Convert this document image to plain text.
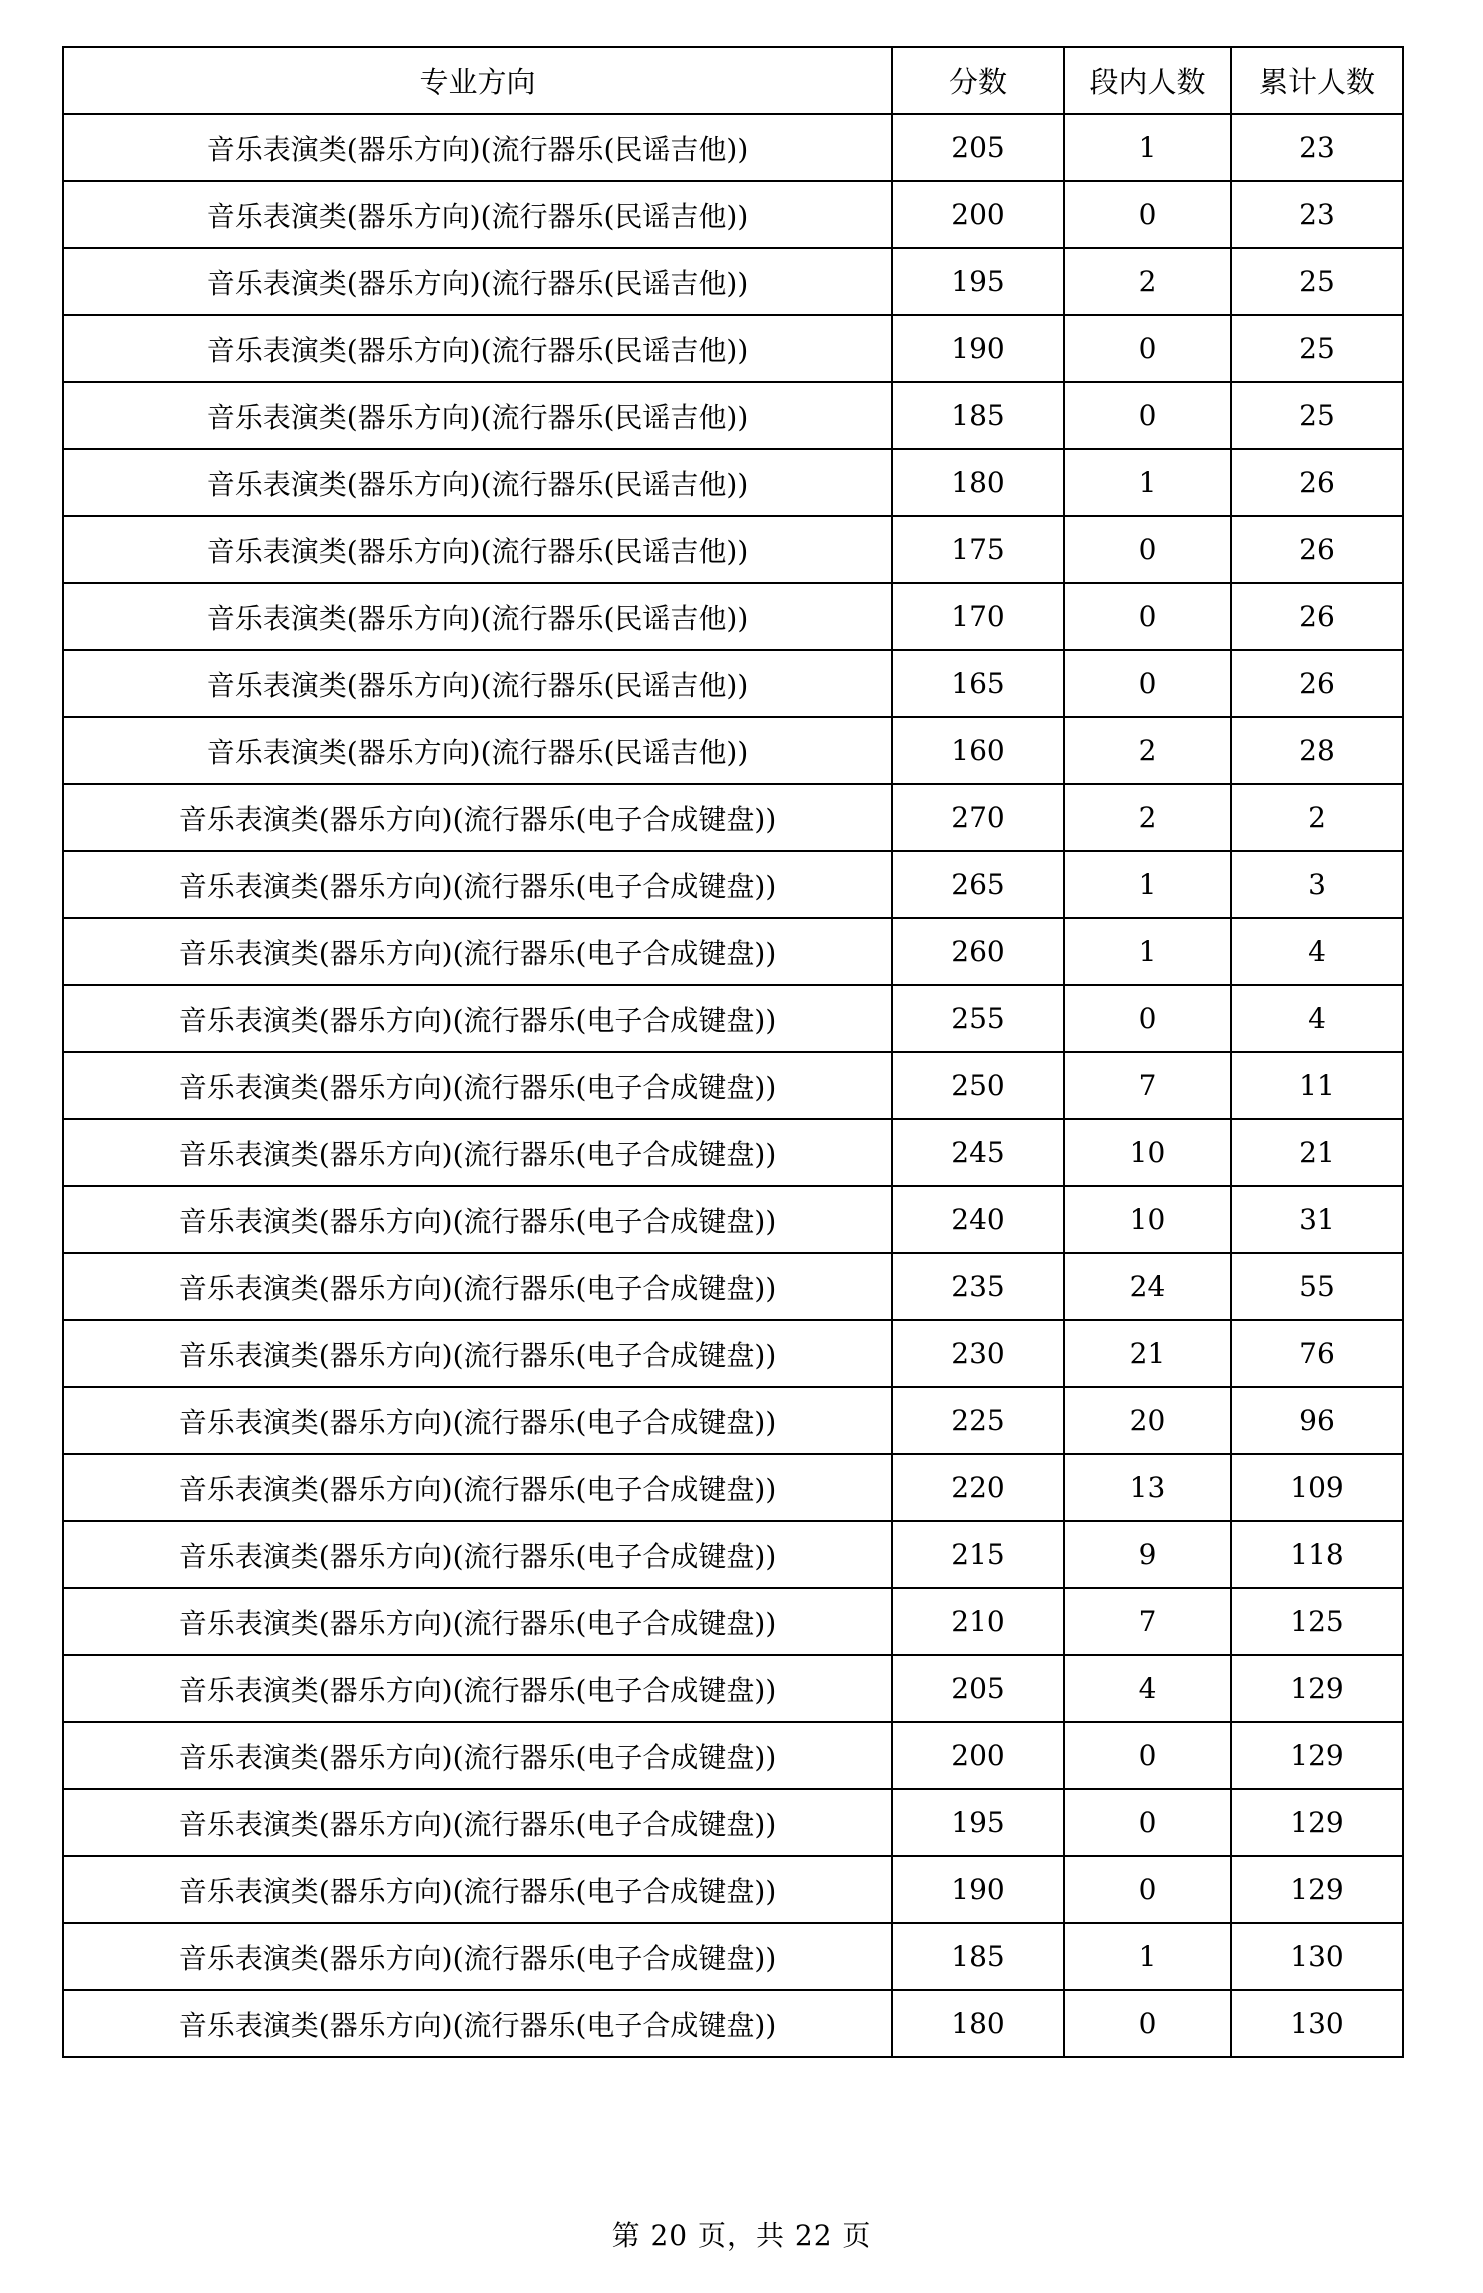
专业方向	分数	段内人数	累计人数
音乐表演类(器乐方向)(流行器乐(民谣吉他))	205	1	23
音乐表演类(器乐方向)(流行器乐(民谣吉他))	200	0	23
音乐表演类(器乐方向)(流行器乐(民谣吉他))	195	2	25
音乐表演类(器乐方向)(流行器乐(民谣吉他))	190	0	25
音乐表演类(器乐方向)(流行器乐(民谣吉他))	185	0	25
音乐表演类(器乐方向)(流行器乐(民谣吉他))	180	1	26
音乐表演类(器乐方向)(流行器乐(民谣吉他))	175	0	26
音乐表演类(器乐方向)(流行器乐(民谣吉他))	170	0	26
音乐表演类(器乐方向)(流行器乐(民谣吉他))	165	0	26
音乐表演类(器乐方向)(流行器乐(民谣吉他))	160	2	28
音乐表演类(器乐方向)(流行器乐(电子合成键盘))	270	2	2
音乐表演类(器乐方向)(流行器乐(电子合成键盘))	265	1	3
音乐表演类(器乐方向)(流行器乐(电子合成键盘))	260	1	4
音乐表演类(器乐方向)(流行器乐(电子合成键盘))	255	0	4
音乐表演类(器乐方向)(流行器乐(电子合成键盘))	250	7	11
音乐表演类(器乐方向)(流行器乐(电子合成键盘))	245	10	21
音乐表演类(器乐方向)(流行器乐(电子合成键盘))	240	10	31
音乐表演类(器乐方向)(流行器乐(电子合成键盘))	235	24	55
音乐表演类(器乐方向)(流行器乐(电子合成键盘))	230	21	76
音乐表演类(器乐方向)(流行器乐(电子合成键盘))	225	20	96
音乐表演类(器乐方向)(流行器乐(电子合成键盘))	220	13	109
音乐表演类(器乐方向)(流行器乐(电子合成键盘))	215	9	118
音乐表演类(器乐方向)(流行器乐(电子合成键盘))	210	7	125
音乐表演类(器乐方向)(流行器乐(电子合成键盘))	205	4	129
音乐表演类(器乐方向)(流行器乐(电子合成键盘))	200	0	129
音乐表演类(器乐方向)(流行器乐(电子合成键盘))	195	0	129
音乐表演类(器乐方向)(流行器乐(电子合成键盘))	190	0	129
音乐表演类(器乐方向)(流行器乐(电子合成键盘))	185	1	130
音乐表演类(器乐方向)(流行器乐(电子合成键盘))	180	0	130
第 20 页，共 22 页
